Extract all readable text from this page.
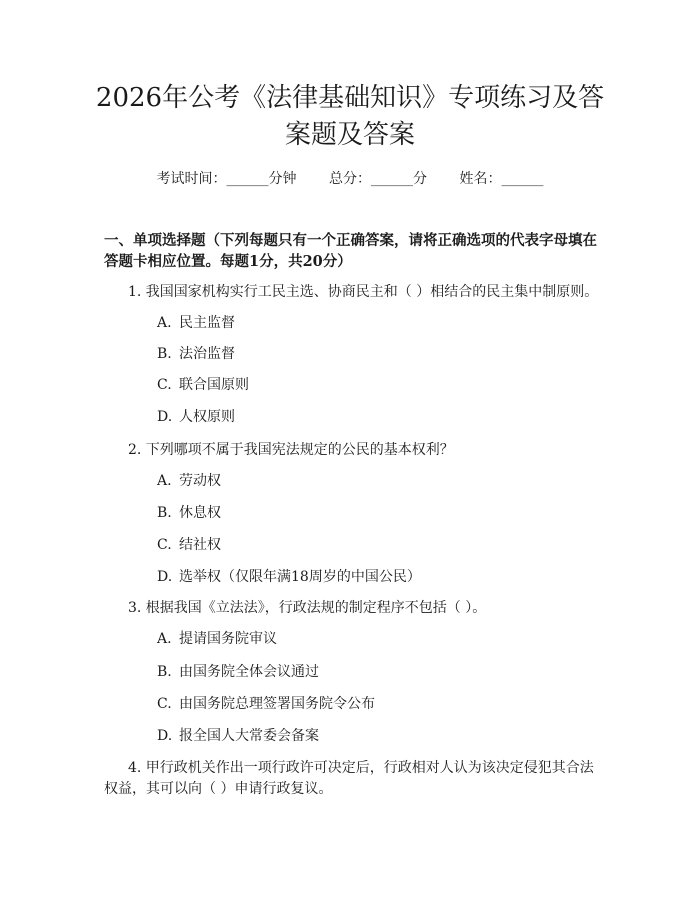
2026年公考《法律基础知识》专项练习及答案题及答案
考试时间：______分钟 总分：______分 姓名：______

一、单项选择题（下列每题只有一个正确答案，请将正确选项的代表字母填在答题卡相应位置。每题1分，共20分）

1. 我国国家机构实行工民主选、协商民主和（ ）相结合的民主集中制原则。
A. 民主监督
B. 法治监督
C. 联合国原则
D. 人权原则
2. 下列哪项不属于我国宪法规定的公民的基本权利？
A. 劳动权
B. 休息权
C. 结社权
D. 选举权（仅限年满18周岁的中国公民）
3. 根据我国《立法法》，行政法规的制定程序不包括（ ）。
A. 提请国务院审议
B. 由国务院全体会议通过
C. 由国务院总理签署国务院令公布
D. 报全国人大常委会备案
4. 甲行政机关作出一项行政许可决定后，行政相对人认为该决定侵犯其合法权益，其可以向（ ）申请行政复议。
